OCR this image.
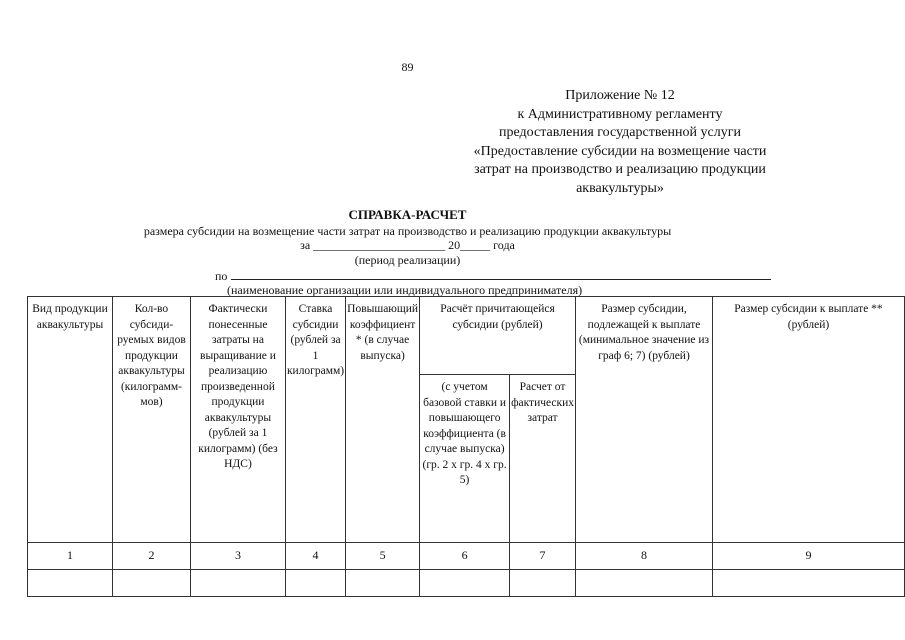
89
Приложение № 12
к Административному регламенту
предоставления государственной услуги
«Предоставление субсидии на возмещение части
затрат на производство и реализацию продукции
аквакультуры»
СПРАВКА-РАСЧЕТ
размера субсидии на возмещение части затрат на производство и реализацию продукции аквакультуры
за ______________________ 20_____ года
(период реализации)
по
(наименование организации или индивидуального предпринимателя)
Вид продукции аквакультуры	Кол-во субсиди-руемых видов продукции аквакультуры (килограмм-мов)	Фактически понесенные затраты на выращивание и реализацию произведенной продукции аквакультуры (рублей за 1 килограмм) (без НДС)	Ставка субсидии (рублей за 1 килограмм)	Повышающий коэффициент * (в случае выпуска)	Расчёт причитающейся субсидии (рублей)		Размер субсидии, подлежащей к выплате (минимальное значение из граф 6; 7) (рублей)	Размер субсидии к выплате ** (рублей)
					(с учетом базовой ставки и повышающего коэффициента (в случае выпуска) (гр. 2 х гр. 4 х гр. 5)	Расчет от фактических затрат		
1	2	3	4	5	6	7	8	9
